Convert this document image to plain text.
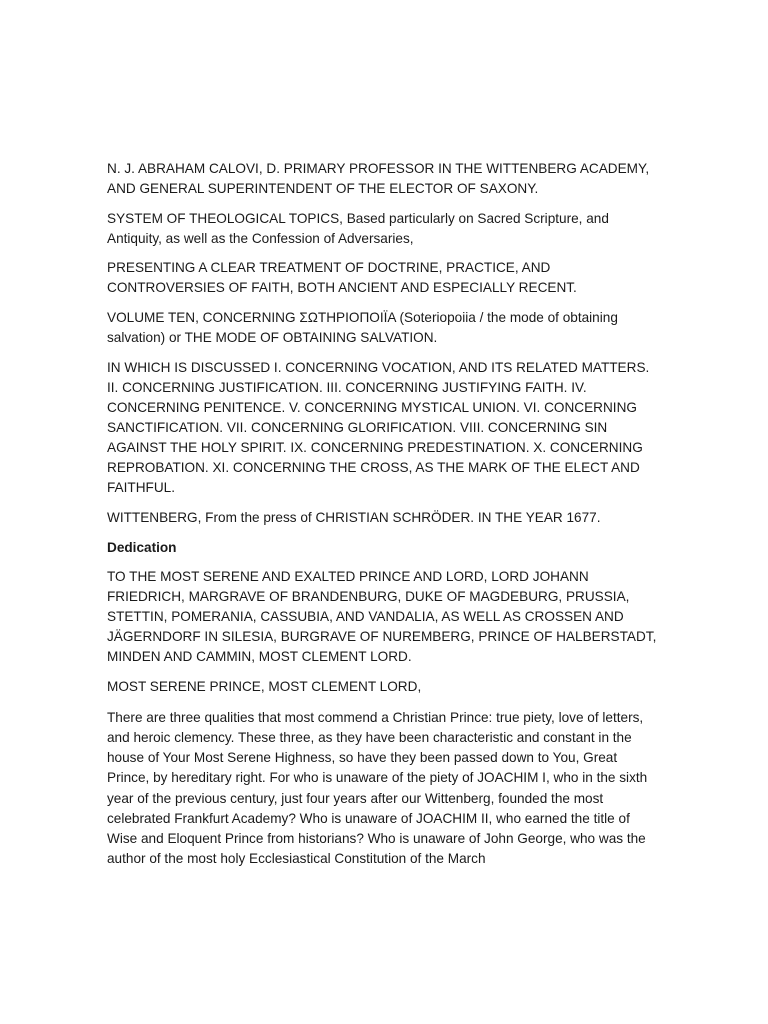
N. J. ABRAHAM CALOVI, D. PRIMARY PROFESSOR IN THE WITTENBERG ACADEMY, AND GENERAL SUPERINTENDENT OF THE ELECTOR OF SAXONY.

SYSTEM OF THEOLOGICAL TOPICS, Based particularly on Sacred Scripture, and Antiquity, as well as the Confession of Adversaries,

PRESENTING A CLEAR TREATMENT OF DOCTRINE, PRACTICE, AND CONTROVERSIES OF FAITH, BOTH ANCIENT AND ESPECIALLY RECENT.

VOLUME TEN, CONCERNING ΣΩΤΗΡΙΟΠΟΙΪΑ (Soteriopoiia / the mode of obtaining salvation) or THE MODE OF OBTAINING SALVATION.

IN WHICH IS DISCUSSED I. CONCERNING VOCATION, AND ITS RELATED MATTERS. II. CONCERNING JUSTIFICATION. III. CONCERNING JUSTIFYING FAITH. IV. CONCERNING PENITENCE. V. CONCERNING MYSTICAL UNION. VI. CONCERNING SANCTIFICATION. VII. CONCERNING GLORIFICATION. VIII. CONCERNING SIN AGAINST THE HOLY SPIRIT. IX. CONCERNING PREDESTINATION. X. CONCERNING REPROBATION. XI. CONCERNING THE CROSS, AS THE MARK OF THE ELECT AND FAITHFUL.

WITTENBERG, From the press of CHRISTIAN SCHRÖDER. IN THE YEAR 1677.

Dedication

TO THE MOST SERENE AND EXALTED PRINCE AND LORD, LORD JOHANN FRIEDRICH, MARGRAVE OF BRANDENBURG, DUKE OF MAGDEBURG, PRUSSIA, STETTIN, POMERANIA, CASSUBIA, AND VANDALIA, AS WELL AS CROSSEN AND JÄGERNDORF IN SILESIA, BURGRAVE OF NUREMBERG, PRINCE OF HALBERSTADT, MINDEN AND CAMMIN, MOST CLEMENT LORD.

MOST SERENE PRINCE, MOST CLEMENT LORD,

There are three qualities that most commend a Christian Prince: true piety, love of letters, and heroic clemency. These three, as they have been characteristic and constant in the house of Your Most Serene Highness, so have they been passed down to You, Great Prince, by hereditary right. For who is unaware of the piety of JOACHIM I, who in the sixth year of the previous century, just four years after our Wittenberg, founded the most celebrated Frankfurt Academy? Who is unaware of JOACHIM II, who earned the title of Wise and Eloquent Prince from historians? Who is unaware of John George, who was the author of the most holy Ecclesiastical Constitution of the March
